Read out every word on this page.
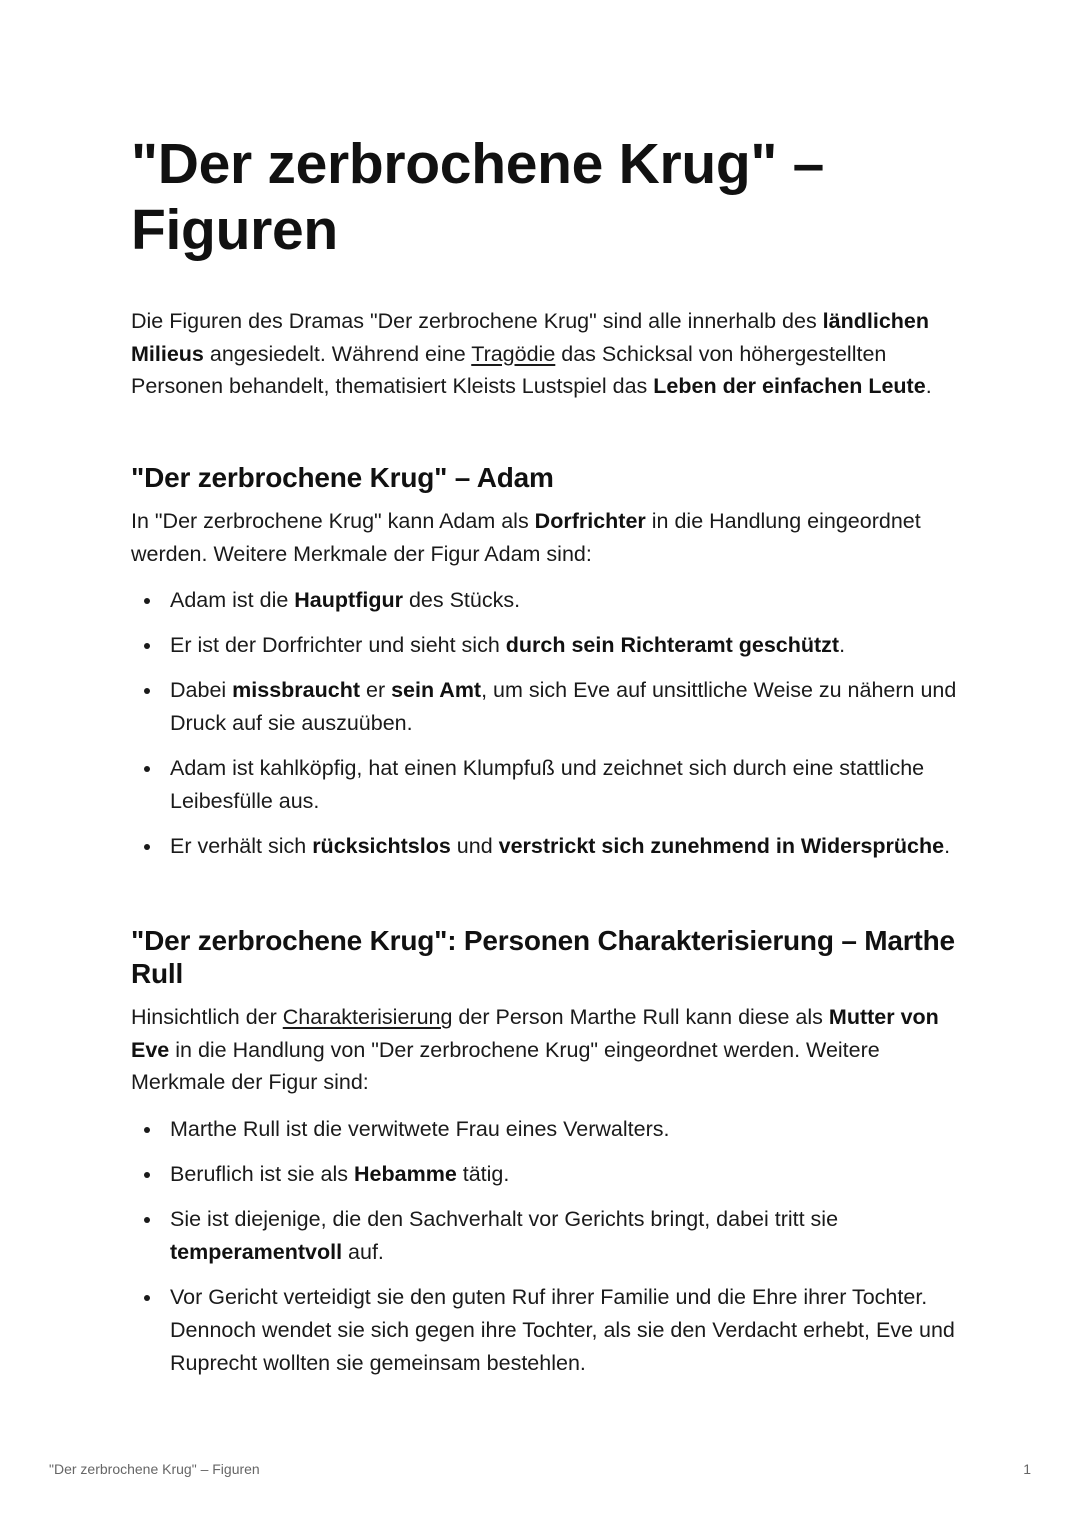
"Der zerbrochene Krug" – Figuren

Die Figuren des Dramas "Der zerbrochene Krug" sind alle innerhalb des ländlichen Milieus angesiedelt. Während eine Tragödie das Schicksal von höhergestellten Personen behandelt, thematisiert Kleists Lustspiel das Leben der einfachen Leute.

"Der zerbrochene Krug" – Adam

In "Der zerbrochene Krug" kann Adam als Dorfrichter in die Handlung eingeordnet werden. Weitere Merkmale der Figur Adam sind:

Adam ist die Hauptfigur des Stücks.
Er ist der Dorfrichter und sieht sich durch sein Richteramt geschützt.
Dabei missbraucht er sein Amt, um sich Eve auf unsittliche Weise zu nähern und Druck auf sie auszuüben.
Adam ist kahlköpfig, hat einen Klumpfuß und zeichnet sich durch eine stattliche Leibesfülle aus.
Er verhält sich rücksichtslos und verstrickt sich zunehmend in Widersprüche.
"Der zerbrochene Krug": Personen Charakterisierung – Marthe Rull

Hinsichtlich der Charakterisierung der Person Marthe Rull kann diese als Mutter von Eve in die Handlung von "Der zerbrochene Krug" eingeordnet werden. Weitere Merkmale der Figur sind:

Marthe Rull ist die verwitwete Frau eines Verwalters.
Beruflich ist sie als Hebamme tätig.
Sie ist diejenige, die den Sachverhalt vor Gerichts bringt, dabei tritt sie temperamentvoll auf.
Vor Gericht verteidigt sie den guten Ruf ihrer Familie und die Ehre ihrer Tochter. Dennoch wendet sie sich gegen ihre Tochter, als sie den Verdacht erhebt, Eve und Ruprecht wollten sie gemeinsam bestehlen.
"Der zerbrochene Krug" – Figuren	1
